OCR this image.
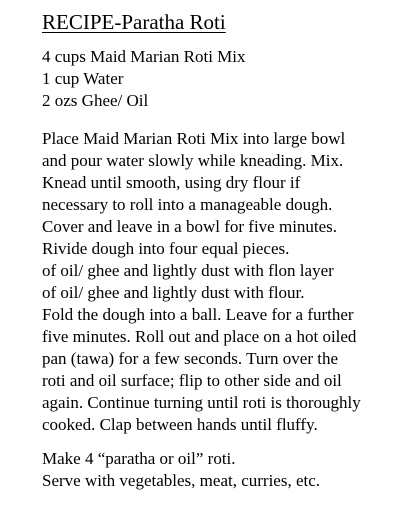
RECIPE-Paratha Roti
4 cups Maid Marian Roti Mix
1 cup Water
2 ozs Ghee/ Oil
Place Maid Marian Roti Mix into large bowl
and pour water slowly while kneading. Mix.
Knead until smooth, using dry flour if
necessary to roll into a manageable dough.
Cover and leave in a bowl for five minutes.
Rivide dough into four equal pieces.
of oil/ ghee and lightly dust with flon layer
of oil/ ghee and lightly dust with flour.
Fold the dough into a ball. Leave for a further
five minutes. Roll out and place on a hot oiled
pan (tawa) for a few seconds. Turn over the
roti and oil surface; flip to other side and oil
again. Continue turning until roti is thoroughly
cooked. Clap between hands until fluffy.
Make 4 “paratha or oil” roti.
Serve with vegetables, meat, curries, etc.
